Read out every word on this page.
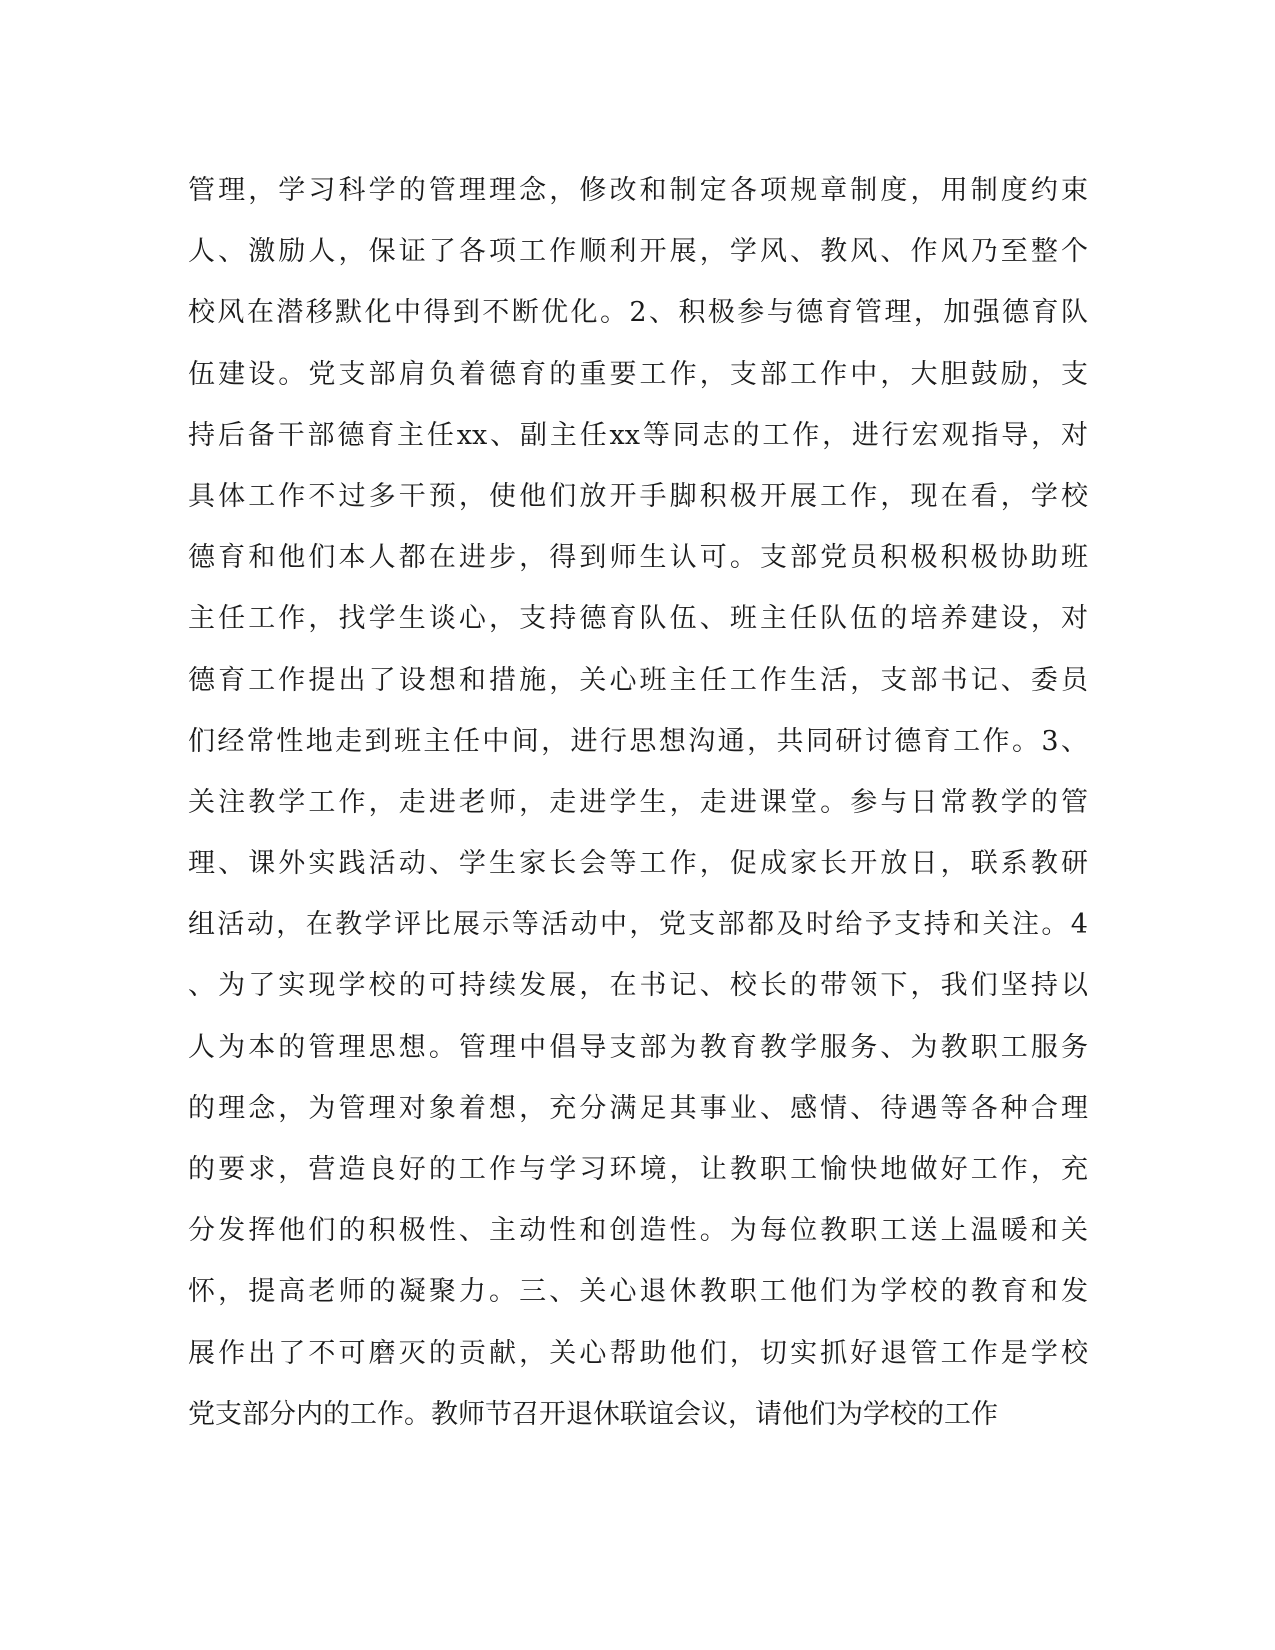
管理，学习科学的管理理念，修改和制定各项规章制度，用制度约束
人、激励人，保证了各项工作顺利开展，学风、教风、作风乃至整个
校风在潜移默化中得到不断优化。2、积极参与德育管理，加强德育队
伍建设。党支部肩负着德育的重要工作，支部工作中，大胆鼓励，支
持后备干部德育主任xx、副主任xx等同志的工作，进行宏观指导，对
具体工作不过多干预，使他们放开手脚积极开展工作，现在看，学校
德育和他们本人都在进步，得到师生认可。支部党员积极积极协助班
主任工作，找学生谈心，支持德育队伍、班主任队伍的培养建设，对
德育工作提出了设想和措施，关心班主任工作生活，支部书记、委员
们经常性地走到班主任中间，进行思想沟通，共同研讨德育工作。3、
关注教学工作，走进老师，走进学生，走进课堂。参与日常教学的管
理、课外实践活动、学生家长会等工作，促成家长开放日，联系教研
组活动，在教学评比展示等活动中，党支部都及时给予支持和关注。4
、为了实现学校的可持续发展，在书记、校长的带领下，我们坚持以
人为本的管理思想。管理中倡导支部为教育教学服务、为教职工服务
的理念，为管理对象着想，充分满足其事业、感情、待遇等各种合理
的要求，营造良好的工作与学习环境，让教职工愉快地做好工作，充
分发挥他们的积极性、主动性和创造性。为每位教职工送上温暖和关
怀，提高老师的凝聚力。三、关心退休教职工他们为学校的教育和发
展作出了不可磨灭的贡献，关心帮助他们，切实抓好退管工作是学校
党支部分内的工作。教师节召开退休联谊会议，请他们为学校的工作
